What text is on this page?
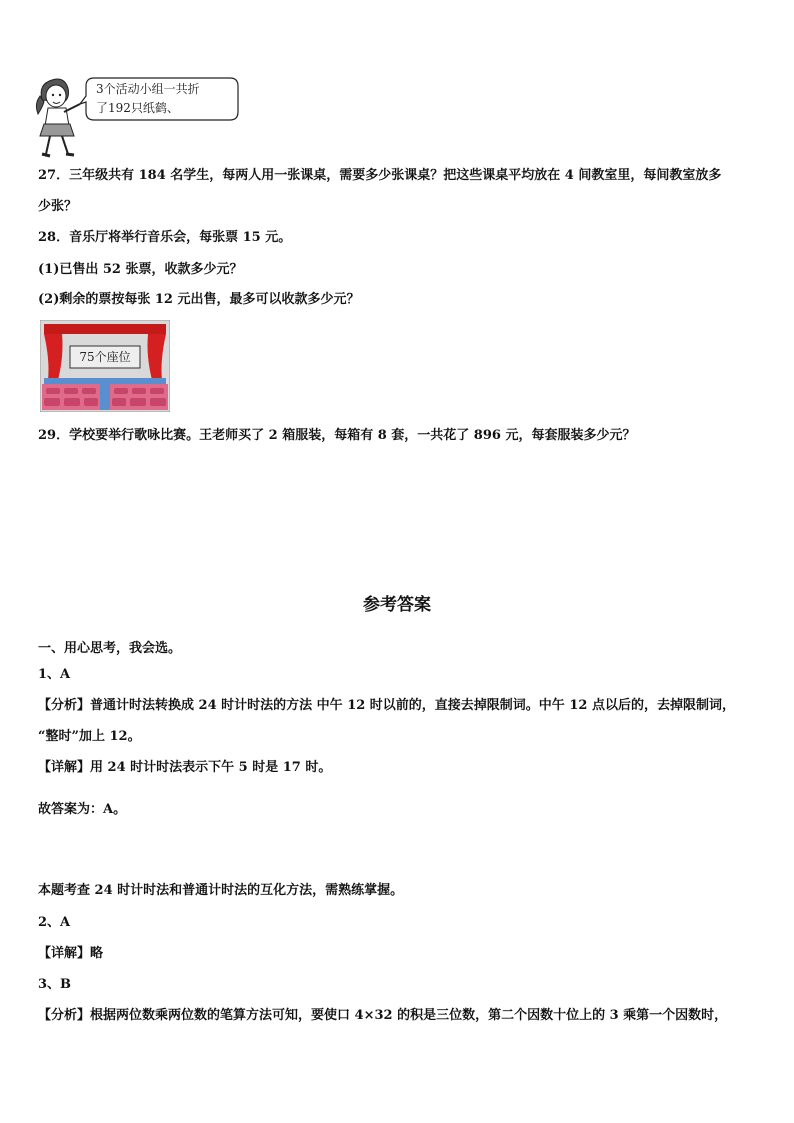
3个活动小组一共折
了192只纸鹤、
27．三年级共有 184 名学生，每两人用一张课桌，需要多少张课桌？把这些课桌平均放在 4 间教室里，每间教室放多
少张？
28．音乐厅将举行音乐会，每张票 15 元。
(1)已售出 52 张票，收款多少元？
(2)剩余的票按每张 12 元出售，最多可以收款多少元？
75个座位
29．学校要举行歌咏比赛。王老师买了 2 箱服装，每箱有 8 套，一共花了 896 元，每套服装多少元？
参考答案
一、用心思考，我会选。
1、A
【分析】普通计时法转换成 24 时计时法的方法 中午 12 时以前的，直接去掉限制词。中午 12 点以后的，去掉限制词，
“整时”加上 12。
【详解】用 24 时计时法表示下午 5 时是 17 时。
故答案为：A。
本题考查 24 时计时法和普通计时法的互化方法，需熟练掌握。
2、A
【详解】略
3、B
【分析】根据两位数乘两位数的笔算方法可知，要使口 4×32 的积是三位数，第二个因数十位上的 3 乘第一个因数时，
